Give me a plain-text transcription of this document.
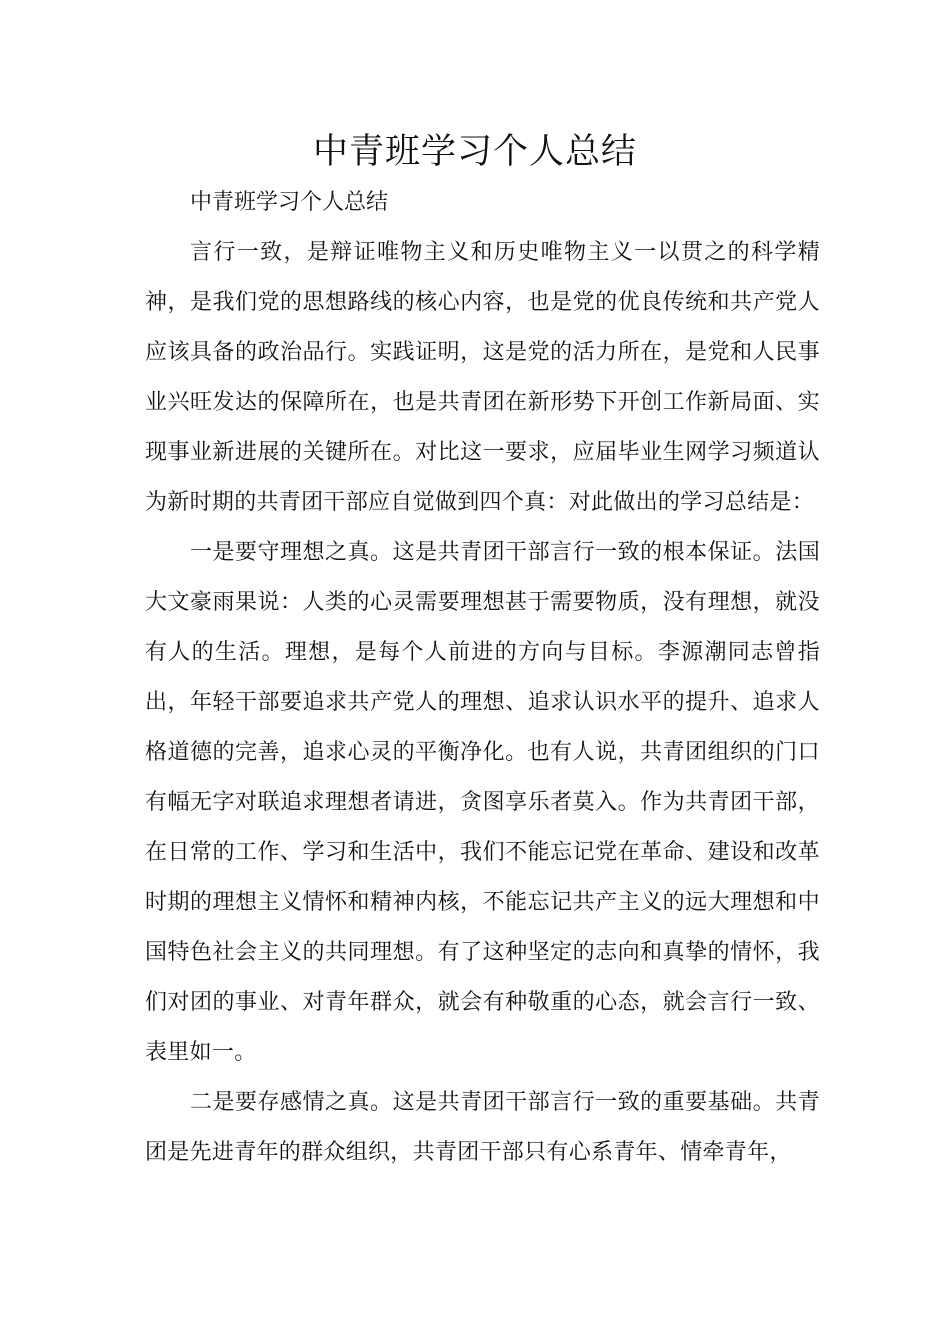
中青班学习个人总结

中青班学习个人总结

言行一致，是辩证唯物主义和历史唯物主义一以贯之的科学精神，是我们党的思想路线的核心内容，也是党的优良传统和共产党人应该具备的政治品行。实践证明，这是党的活力所在，是党和人民事业兴旺发达的保障所在，也是共青团在新形势下开创工作新局面、实现事业新进展的关键所在。对比这一要求，应届毕业生网学习频道认为新时期的共青团干部应自觉做到四个真：对此做出的学习总结是：

一是要守理想之真。这是共青团干部言行一致的根本保证。法国大文豪雨果说：人类的心灵需要理想甚于需要物质，没有理想，就没有人的生活。理想，是每个人前进的方向与目标。李源潮同志曾指出，年轻干部要追求共产党人的理想、追求认识水平的提升、追求人格道德的完善，追求心灵的平衡净化。也有人说，共青团组织的门口有幅无字对联追求理想者请进，贪图享乐者莫入。作为共青团干部，在日常的工作、学习和生活中，我们不能忘记党在革命、建设和改革时期的理想主义情怀和精神内核，不能忘记共产主义的远大理想和中国特色社会主义的共同理想。有了这种坚定的志向和真挚的情怀，我们对团的事业、对青年群众，就会有种敬重的心态，就会言行一致、表里如一。

二是要存感情之真。这是共青团干部言行一致的重要基础。共青团是先进青年的群众组织，共青团干部只有心系青年、情牵青年，
